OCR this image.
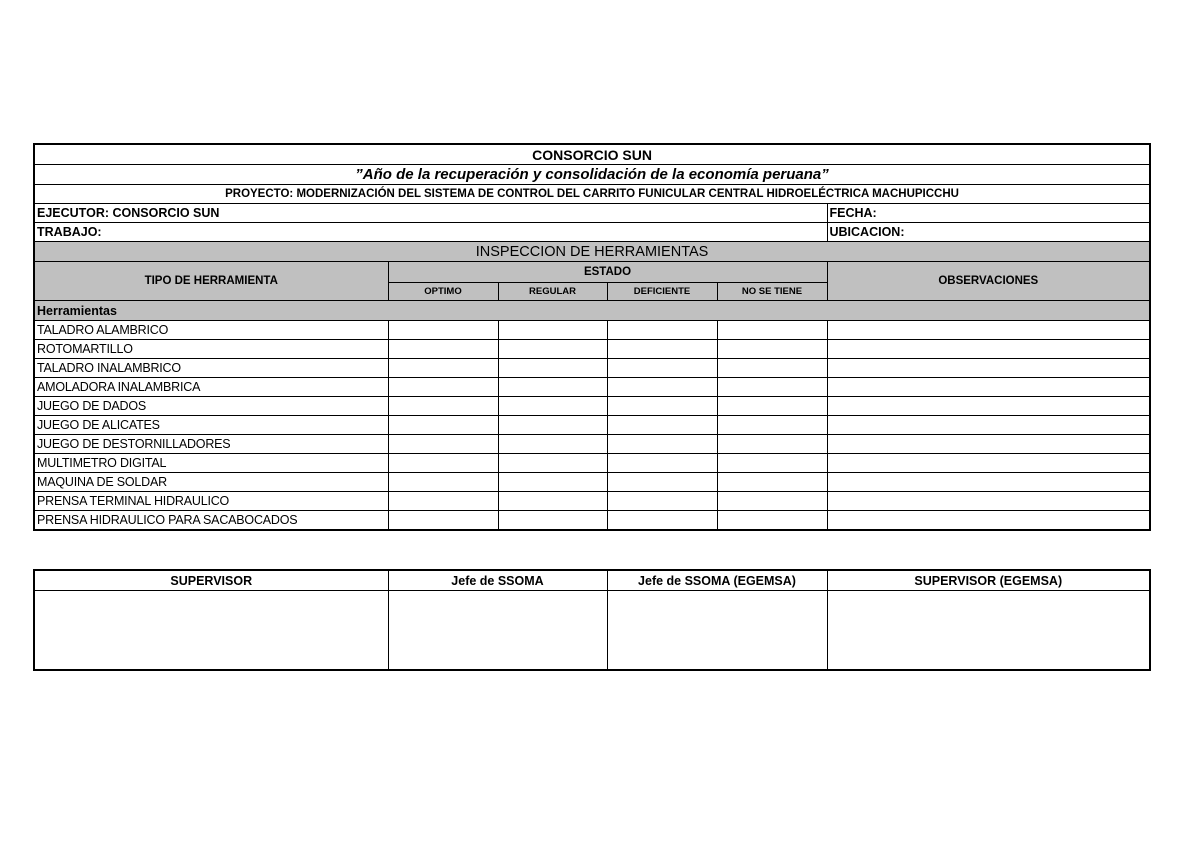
CONSORCIO SUN					
”Año de la recuperación y consolidación de la economía peruana”					
PROYECTO: MODERNIZACIÓN DEL SISTEMA DE CONTROL DEL CARRITO FUNICULAR CENTRAL HIDROELÉCTRICA MACHUPICCHU					
EJECUTOR: CONSORCIO SUN					FECHA:
TRABAJO:					UBICACION:
INSPECCION DE HERRAMIENTAS					
TIPO DE HERRAMIENTA	ESTADO				OBSERVACIONES
	OPTIMO	REGULAR	DEFICIENTE	NO SE TIENE	
Herramientas					
TALADRO ALAMBRICO					
ROTOMARTILLO					
TALADRO INALAMBRICO					
AMOLADORA INALAMBRICA					
JUEGO DE DADOS					
JUEGO DE ALICATES					
JUEGO DE DESTORNILLADORES					
MULTIMETRO DIGITAL					
MAQUINA DE SOLDAR					
PRENSA TERMINAL HIDRAULICO					
PRENSA HIDRAULICO PARA SACABOCADOS					
SUPERVISOR	Jefe de SSOMA	Jefe de SSOMA (EGEMSA)	SUPERVISOR (EGEMSA)
